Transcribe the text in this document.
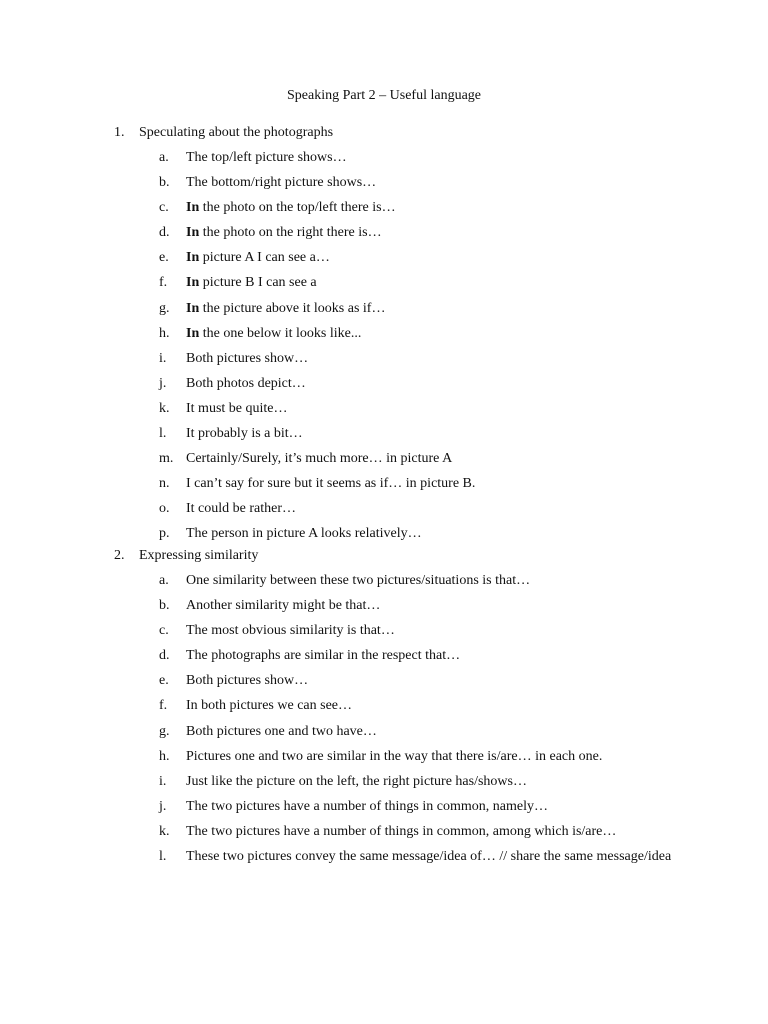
Speaking Part 2 – Useful language
1.	Speculating about the photographs
a.	The top/left picture shows…
b.	The bottom/right picture shows…
c.	In the photo on the top/left there is…
d.	In the photo on the right there is…
e.	In picture A I can see a…
f.	In picture B I can see a
g.	In the picture above it looks as if…
h.	In the one below it looks like...
i.	Both pictures show…
j.	Both photos depict…
k.	It must be quite…
l.	It probably is a bit…
m. Certainly/Surely, it’s much more… in picture A
n.	I can’t say for sure but it seems as if… in picture B.
o.	It could be rather…
p.	The person in picture A looks relatively…
2.	Expressing similarity
a.	One similarity between these two pictures/situations is that…
b.	Another similarity might be that…
c.	The most obvious similarity is that…
d.	The photographs are similar in the respect that…
e.	Both pictures show…
f.	In both pictures we can see…
g.	Both pictures one and two have…
h.	Pictures one and two are similar in the way that there is/are… in each one.
i.	Just like the picture on the left, the right picture has/shows…
j.	The two pictures have a number of things in common, namely…
k.	The two pictures have a number of things in common, among which is/are…
l.	These two pictures convey the same message/idea of… // share the same message/idea
